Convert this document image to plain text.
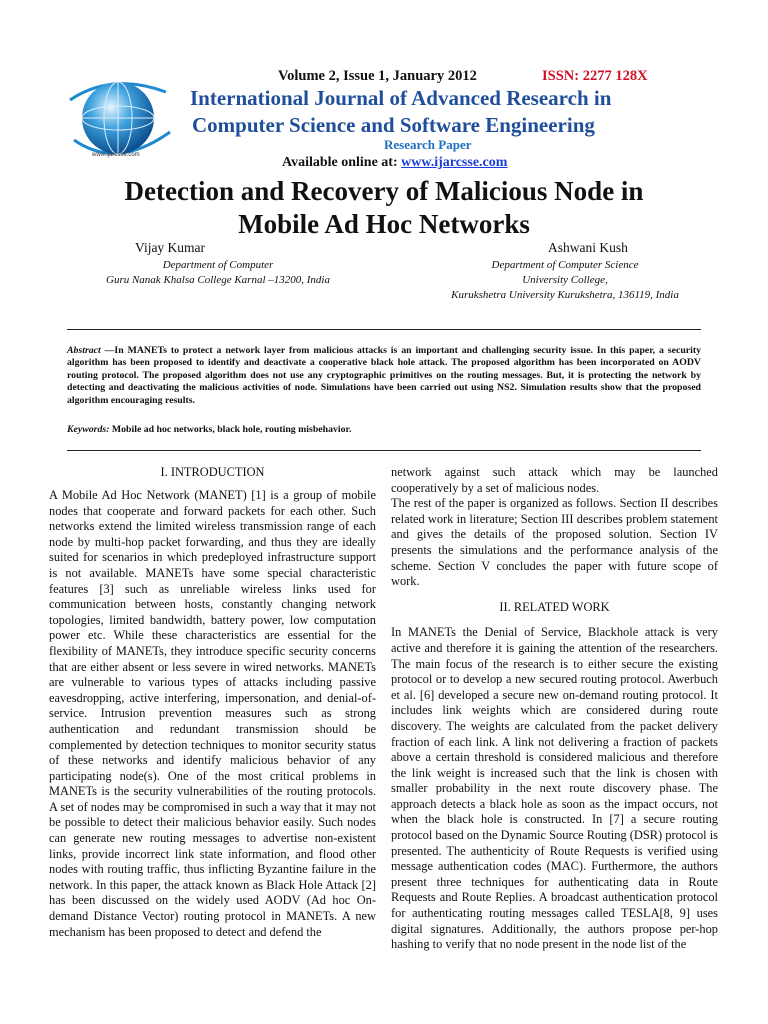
www.ijarcsse.com
Volume 2, Issue 1, January 2012	ISSN: 2277 128X
International Journal of Advanced Research in
Computer Science and Software Engineering
Research Paper
Available online at: www.ijarcsse.com
Detection and Recovery of Malicious Node in
Mobile Ad Hoc Networks
Vijay Kumar
Department of Computer
Guru Nanak Khalsa College Karnal –13200, India
Ashwani Kush
Department of Computer Science
University College,
Kurukshetra University Kurukshetra, 136119, India
Abstract —In MANETs to protect a network layer from malicious attacks is an important and challenging security issue. In this paper, a security algorithm has been proposed to identify and deactivate a cooperative black hole attack. The proposed algorithm has been incorporated on AODV routing protocol. The proposed algorithm does not use any cryptographic primitives on the routing messages. But, it is protecting the network by detecting and deactivating the malicious activities of node. Simulations have been carried out using NS2. Simulation results show that the proposed algorithm encouraging results.
Keywords: Mobile ad hoc networks, black hole, routing misbehavior.
I. INTRODUCTION

A Mobile Ad Hoc Network (MANET) [1] is a group of mobile nodes that cooperate and forward packets for each other. Such networks extend the limited wireless transmission range of each node by multi-hop packet forwarding, and thus they are ideally suited for scenarios in which predeployed infrastructure support is not available. MANETs have some special characteristic features [3] such as unreliable wireless links used for communication between hosts, constantly changing network topologies, limited bandwidth, battery power, low computation power etc. While these characteristics are essential for the flexibility of MANETs, they introduce specific security concerns that are either absent or less severe in wired networks. MANETs are vulnerable to various types of attacks including passive eavesdropping, active interfering, impersonation, and denial-of-service. Intrusion prevention measures such as strong authentication and redundant transmission should be complemented by detection techniques to monitor security status of these networks and identify malicious behavior of any participating node(s). One of the most critical problems in MANETs is the security vulnerabilities of the routing protocols. A set of nodes may be compromised in such a way that it may not be possible to detect their malicious behavior easily. Such nodes can generate new routing messages to advertise non-existent links, provide incorrect link state information, and flood other nodes with routing traffic, thus inflicting Byzantine failure in the network. In this paper, the attack known as Black Hole Attack [2] has been discussed on the widely used AODV (Ad hoc On-demand Distance Vector) routing protocol in MANETs. A new mechanism has been proposed to detect and defend the

network against such attack which may be launched cooperatively by a set of malicious nodes.

The rest of the paper is organized as follows. Section II describes related work in literature; Section III describes problem statement and gives the details of the proposed solution. Section IV presents the simulations and the performance analysis of the scheme. Section V concludes the paper with future scope of work.

II. RELATED WORK

In MANETs the Denial of Service, Blackhole attack is very active and therefore it is gaining the attention of the researchers. The main focus of the research is to either secure the existing protocol or to develop a new secured routing protocol. Awerbuch et al. [6] developed a secure new on-demand routing protocol. It includes link weights which are considered during route discovery. The weights are calculated from the packet delivery fraction of each link. A link not delivering a fraction of packets above a certain threshold is considered malicious and therefore the link weight is increased such that the link is chosen with smaller probability in the next route discovery phase. The approach detects a black hole as soon as the impact occurs, not when the black hole is constructed. In [7] a secure routing protocol based on the Dynamic Source Routing (DSR) protocol is presented. The authenticity of Route Requests is verified using message authentication codes (MAC). Furthermore, the authors present three techniques for authenticating data in Route Requests and Route Replies. A broadcast authentication protocol for authenticating routing messages called TESLA[8, 9] uses digital signatures. Additionally, the authors propose per-hop hashing to verify that no node present in the node list of the
